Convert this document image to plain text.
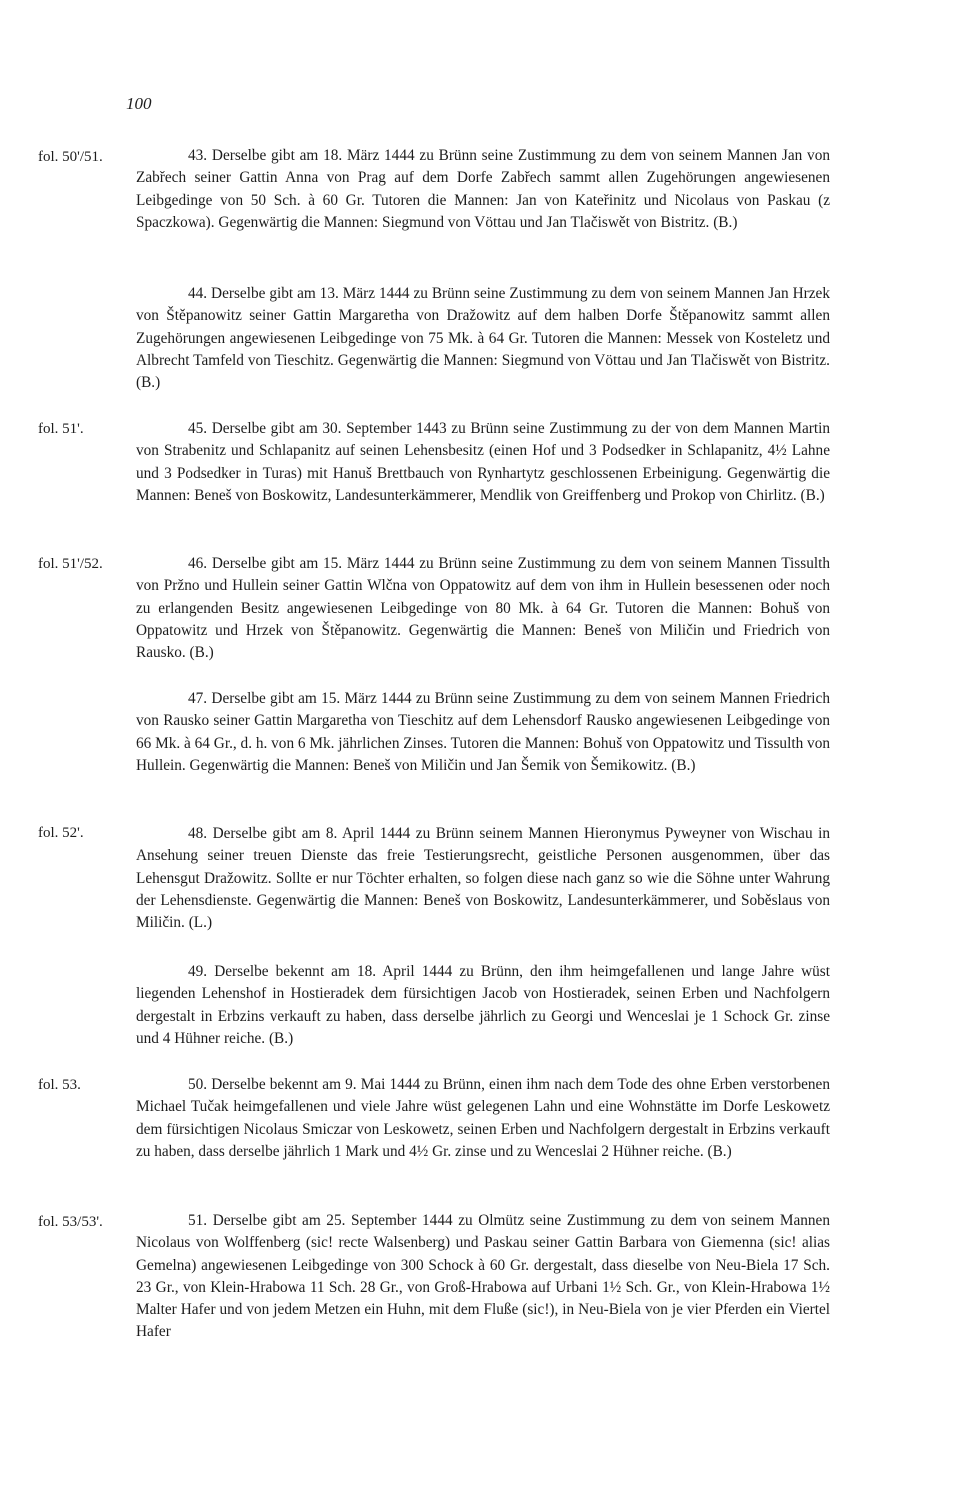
100
fol. 50'/51.
fol. 51'.
fol. 51'/52.
fol. 52'.
fol. 53.
fol. 53/53'.

43. Derselbe gibt am 18. März 1444 zu Brünn seine Zustimmung zu dem von seinem Mannen Jan von Zabřech seiner Gattin Anna von Prag auf dem Dorfe Zabřech sammt allen Zugehörungen angewiesenen Leibgedinge von 50 Sch. à 60 Gr. Tutoren die Mannen: Jan von Kateřinitz und Nicolaus von Paskau (z Spaczkowa). Gegenwärtig die Mannen: Siegmund von Vöttau und Jan Tlačiswět von Bistritz. (B.)

44. Derselbe gibt am 13. März 1444 zu Brünn seine Zustimmung zu dem von seinem Mannen Jan Hrzek von Štěpanowitz seiner Gattin Margaretha von Dražowitz auf dem halben Dorfe Štěpanowitz sammt allen Zugehörungen angewiesenen Leibgedinge von 75 Mk. à 64 Gr. Tutoren die Mannen: Messek von Kosteletz und Albrecht Tamfeld von Tieschitz. Gegenwärtig die Mannen: Siegmund von Vöttau und Jan Tlačiswět von Bistritz. (B.)

45. Derselbe gibt am 30. September 1443 zu Brünn seine Zustimmung zu der von dem Mannen Martin von Strabenitz und Schlapanitz auf seinen Lehensbesitz (einen Hof und 3 Podsedker in Schlapanitz, 4½ Lahne und 3 Podsedker in Turas) mit Hanuš Brettbauch von Rynhartytz geschlossenen Erbeinigung. Gegenwärtig die Mannen: Beneš von Boskowitz, Landesunterkämmerer, Mendlik von Greiffenberg und Prokop von Chirlitz. (B.)

46. Derselbe gibt am 15. März 1444 zu Brünn seine Zustimmung zu dem von seinem Mannen Tissulth von Pržno und Hullein seiner Gattin Wlčna von Oppatowitz auf dem von ihm in Hullein besessenen oder noch zu erlangenden Besitz angewiesenen Leibgedinge von 80 Mk. à 64 Gr. Tutoren die Mannen: Bohuš von Oppatowitz und Hrzek von Štěpanowitz. Gegenwärtig die Mannen: Beneš von Miličin und Friedrich von Rausko. (B.)

47. Derselbe gibt am 15. März 1444 zu Brünn seine Zustimmung zu dem von seinem Mannen Friedrich von Rausko seiner Gattin Margaretha von Tieschitz auf dem Lehensdorf Rausko angewiesenen Leibgedinge von 66 Mk. à 64 Gr., d. h. von 6 Mk. jährlichen Zinses. Tutoren die Mannen: Bohuš von Oppatowitz und Tissulth von Hullein. Gegenwärtig die Mannen: Beneš von Miličin und Jan Šemik von Šemikowitz. (B.)

48. Derselbe gibt am 8. April 1444 zu Brünn seinem Mannen Hieronymus Pyweyner von Wischau in Ansehung seiner treuen Dienste das freie Testierungsrecht, geistliche Personen ausgenommen, über das Lehensgut Dražowitz. Sollte er nur Töchter erhalten, so folgen diese nach ganz so wie die Söhne unter Wahrung der Lehensdienste. Gegenwärtig die Mannen: Beneš von Boskowitz, Landesunterkämmerer, und Soběslaus von Miličin. (L.)

49. Derselbe bekennt am 18. April 1444 zu Brünn, den ihm heimgefallenen und lange Jahre wüst liegenden Lehenshof in Hostieradek dem fürsichtigen Jacob von Hostieradek, seinen Erben und Nachfolgern dergestalt in Erbzins verkauft zu haben, dass derselbe jährlich zu Georgi und Wenceslai je 1 Schock Gr. zinse und 4 Hühner reiche. (B.)

50. Derselbe bekennt am 9. Mai 1444 zu Brünn, einen ihm nach dem Tode des ohne Erben verstorbenen Michael Tučak heimgefallenen und viele Jahre wüst gelegenen Lahn und eine Wohnstätte im Dorfe Leskowetz dem fürsichtigen Nicolaus Smiczar von Leskowetz, seinen Erben und Nachfolgern dergestalt in Erbzins verkauft zu haben, dass derselbe jährlich 1 Mark und 4½ Gr. zinse und zu Wenceslai 2 Hühner reiche. (B.)

51. Derselbe gibt am 25. September 1444 zu Olmütz seine Zustimmung zu dem von seinem Mannen Nicolaus von Wolffenberg (sic! recte Walsenberg) und Paskau seiner Gattin Barbara von Giemenna (sic! alias Gemelna) angewiesenen Leibgedinge von 300 Schock à 60 Gr. dergestalt, dass dieselbe von Neu-Biela 17 Sch. 23 Gr., von Klein-Hrabowa 11 Sch. 28 Gr., von Groß-Hrabowa auf Urbani 1½ Sch. Gr., von Klein-Hrabowa 1½ Malter Hafer und von jedem Metzen ein Huhn, mit dem Fluße (sic!), in Neu-Biela von je vier Pferden ein Viertel Hafer
